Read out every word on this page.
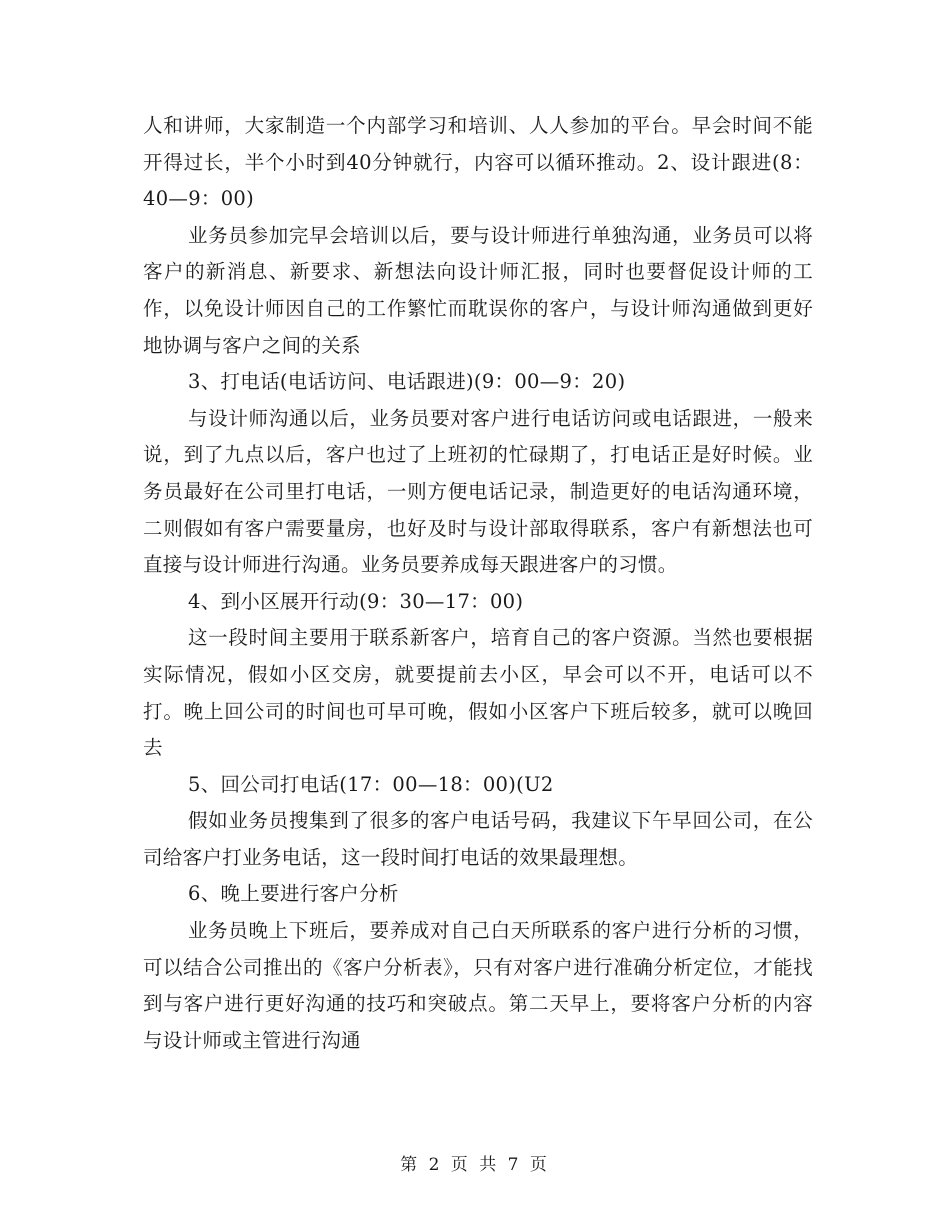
人和讲师，大家制造一个内部学习和培训、人人参加的平台。早会时间不能开得过长，半个小时到40分钟就行，内容可以循环推动。2、设计跟进(8：40—9：00)

业务员参加完早会培训以后，要与设计师进行单独沟通，业务员可以将客户的新消息、新要求、新想法向设计师汇报，同时也要督促设计师的工作，以免设计师因自己的工作繁忙而耽误你的客户，与设计师沟通做到更好地协调与客户之间的关系

3、打电话(电话访问、电话跟进)(9：00—9：20)

与设计师沟通以后，业务员要对客户进行电话访问或电话跟进，一般来说，到了九点以后，客户也过了上班初的忙碌期了，打电话正是好时候。业务员最好在公司里打电话，一则方便电话记录，制造更好的电话沟通环境，二则假如有客户需要量房，也好及时与设计部取得联系，客户有新想法也可直接与设计师进行沟通。业务员要养成每天跟进客户的习惯。

4、到小区展开行动(9：30—17：00)

这一段时间主要用于联系新客户，培育自己的客户资源。当然也要根据实际情况，假如小区交房，就要提前去小区，早会可以不开，电话可以不打。晚上回公司的时间也可早可晚，假如小区客户下班后较多，就可以晚回去

5、回公司打电话(17：00—18：00)(U2

假如业务员搜集到了很多的客户电话号码，我建议下午早回公司，在公司给客户打业务电话，这一段时间打电话的效果最理想。

6、晚上要进行客户分析

业务员晚上下班后，要养成对自己白天所联系的客户进行分析的习惯，可以结合公司推出的《客户分析表》，只有对客户进行准确分析定位，才能找到与客户进行更好沟通的技巧和突破点。第二天早上，要将客户分析的内容与设计师或主管进行沟通

第 2 页 共 7 页
